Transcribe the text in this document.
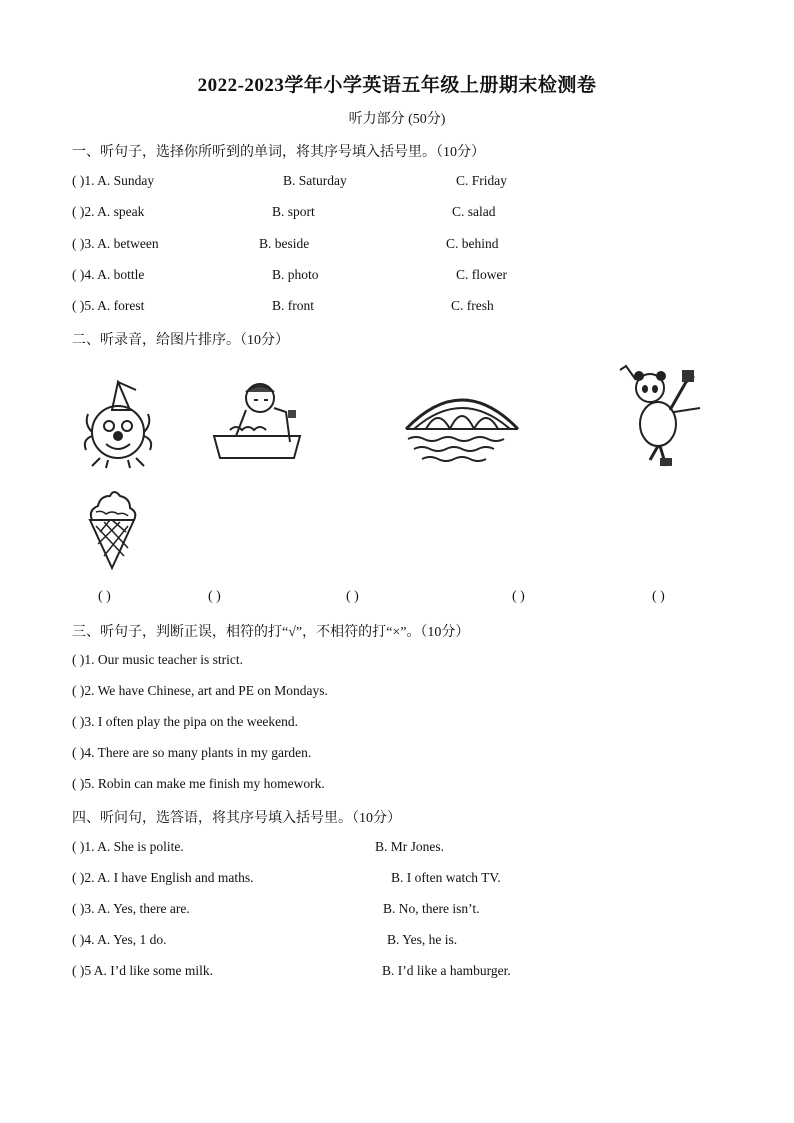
2022-2023学年小学英语五年级上册期末检测卷
听力部分 (50分)
一、听句子，选择你所听到的单词，将其序号填入括号里。（10分）
( )1. A. Sunday	B. Saturday	C. Friday
( )2. A. speak	B. sport	C. salad
( )3. A. between	B. beside	C. behind
( )4. A. bottle	B. photo	C. flower
( )5. A. forest	B. front	C. fresh
二、听录音，给图片排序。（10分）
( )	( )	( )	( )	( )
三、听句子，判断正误，相符的打“√”，不相符的打“×”。（10分）
( )1. Our music teacher is strict.
( )2. We have Chinese, art and PE on Mondays.
( )3. I often play the pipa on the weekend.
( )4. There are so many plants in my garden.
( )5. Robin can make me finish my homework.
四、听问句，选答语，将其序号填入括号里。（10分）
( )1. A. She is polite.	B. Mr Jones.
( )2. A. I have English and maths.	B. I often watch TV.
( )3. A. Yes, there are.	B. No, there isn’t.
( )4. A. Yes, 1 do.	B. Yes, he is.
( )5 A. I’d like some milk.	B. I’d like a hamburger.
